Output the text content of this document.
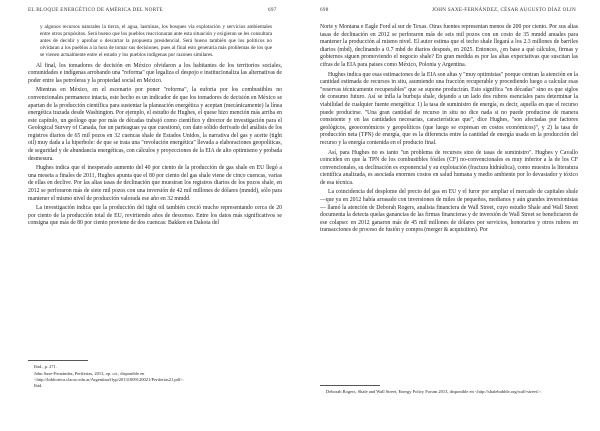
EL BLOQUE ENERGÉTICO DE AMÉRICA DEL NORTE	697
y algunos recursos naturales la tierra, el agua, lasminas, los bosques vía explotación y servicios ambientales entre otros propósitos. Será bueno que los pueblos reaccionaran ante esta situación y exigieran se les consultara antes de decidir y aprobar o descartar la propuesta presidencial. Será bueno también que los políticos no olvidaran a los pueblos a la hora de tomar sus decisiones, pues al final esto generaría más problemas de los que se vienen actualmente entre el estado y los pueblos indígenas por razones similares.

Al final, los tomadores de decisión en México olvidaron a los habitantes de los territorios sociales, comunidades e indígenas arrobando una "reforma" que legaliza el despojo e institucionaliza las alternativas de poder entre las petroleras y la propiedad social en México.

Mientras en México, en el escenario por poner "reforma", la euforia por los combustibles no convencionales permanece intacta, este hecho es un indicador de que los tomadores de decisión en México se apartan de la producción científica para sustentar la planeación energética y aceptan (mecánicamente) la línea energética trazada desde Washington. Por ejemplo, el estudio de Hughes, el quese hizo mención más arriba en este capítulo, un geólogo que por más de décadas trabajó como científico y director de investigación para el Geological Survey of Canada, fue un parteaguas ya que cuestionó, con dato sólido derivado del análisis de los registros diarios de 65 mil pozos en 32 cuencas shale de Estados Unidos, la narrativa del gas y aceite (tight oil) muy dada a la hiperbole: de que se trata una "revolución energética" llevada a elaboraciones geopolíticas, de seguridad y de abundancia energéticas, con cálculos y proyecciones de la EIA de alto optimismo y probada desmesura.

Hughes indica que el inesperado aumento del 40 por ciento de la producción de gas shale en EU llegó a una meseta a finales de 2011, Hughes apunta que el 80 por ciento del gas shale viene de cinco cuencas, varias de ellas en declive. Por las altas tasas de declinación que muestran los registros diarios de los pozos shale, en 2012 se perforaron más de siete mil pozos con una inversión de 42 mil millones de dólares (mmdd), sólo para mantener el mismo nivel de producción valorada ese año en 32 mmdd.

La investigación indica que la producción del tight oil también creció mucho representando cerca de 20 por ciento de la producción total de EU, revirtiendo años de descenso. Entre los datos más significativos se consigna que más de 80 por ciento proviene de dos cuencas: Bakken en Dakota del

Ibid., p. 271.
John Saxe-Fernández, Periferias, 2013, op. cit., disponible en <http://biblioteca.clacso.edu.ar/Argentina/ffyp/20131009120021/Periferias21.pdf>.
Ibid.
698	JOHN SAXE-FERNÁNDEZ, CÉSAR AUGUSTO DÍAZ OLIN

Norte y Montana e Eagle Ford al sur de Texas. Otras fuentes representan menos de 200 por ciento. Por sus altas tasas de declinación en 2012 se perforaron más de seis mil pozos con un costo de 35 mmdd anuales para mantener la producción al mismo nivel. El autor estima que el techo shale llegará a los 2.3 millones de barriles diarios (mbd), declinando a 0.7 mbd de diarios después, en 2025. Entonces, ¿en base a qué cálculos, firmas y gobiernos siguen promoviendo el negocio shale? En gran medida es por las altas expectativas que suscitan las cifras de la EIA para paises como México, Polonia y Argentina.

Hughes indica que esas estimaciones de la EIA son altas y "muy optimistas" porque centran la atención en la cantidad estimada de recursos in situ, asumiendo una fracción recuperable y procediendo luego a calcular esas "reservas técnicamente recuperables" que se supone producirán. Esto significa "en décadas" sino es que siglos de consumo futuro. Así se infla la burbuja shale, dejando a un lado dos rubros esenciales para determinar la viabilidad de cualquier fuente energética: 1) la tasa de suministro de energía, es decir, aquella en que el recurso puede producirse. "Una gran cantidad de recurso in situ no dice nada si no puede producirse de manera consistente y en las cantidades necesarias, características que", dice Hughes, "son afectadas por factores geológicos, geoeconómicos y geopolíticos (que luego se expresan en costos económicos)", y 2) la tasa de producción neta (TPN) de energía, que es la diferencia entre la cantidad de energía usada en la producción del recurso y la energía contenida en el producto final.

Así, para Hughes no es tanto "un problema de recursos sino de tasas de suministro". Hughes y Cavallo coinciden en que la TPN de los combustibles fósiles (CF) no-convencionales es muy inferior a la de los CF convencionales, su declinación es exponencial y su explotación (fractura hidráulica), como muestra la literatura científica analizada, es asociada enormes costos en salud humana y medio ambiente por lo devastador y tóxico de esa técnica.

La coincidencia del desplome del precio del gas en EU y el furor por ampliar el mercado de capitales shale —que ya en 2012 había arrasado con inversiones de miles de pequeños, medianos y aún grandes inversionistas— llamó la atención de Deborah Rogers, analista financiera de Wall Street, cuyo estudio Shale and Wall Street documenta la detecta quelas ganancias de las firmas financieras y de inversión de Wall Street se beneficiaron de ese colapso: en 2012 ganaron más de 45 mil millones de dólares por servicios, honorarios y otros rubros en transacciones de proceso de fusión y compra (merger & acquisition). Por

Deborah Rogers, Shale and Wall Street, Energy Policy Forum 2013, disponible en <http://shalebubble.org/wall-street/>.
